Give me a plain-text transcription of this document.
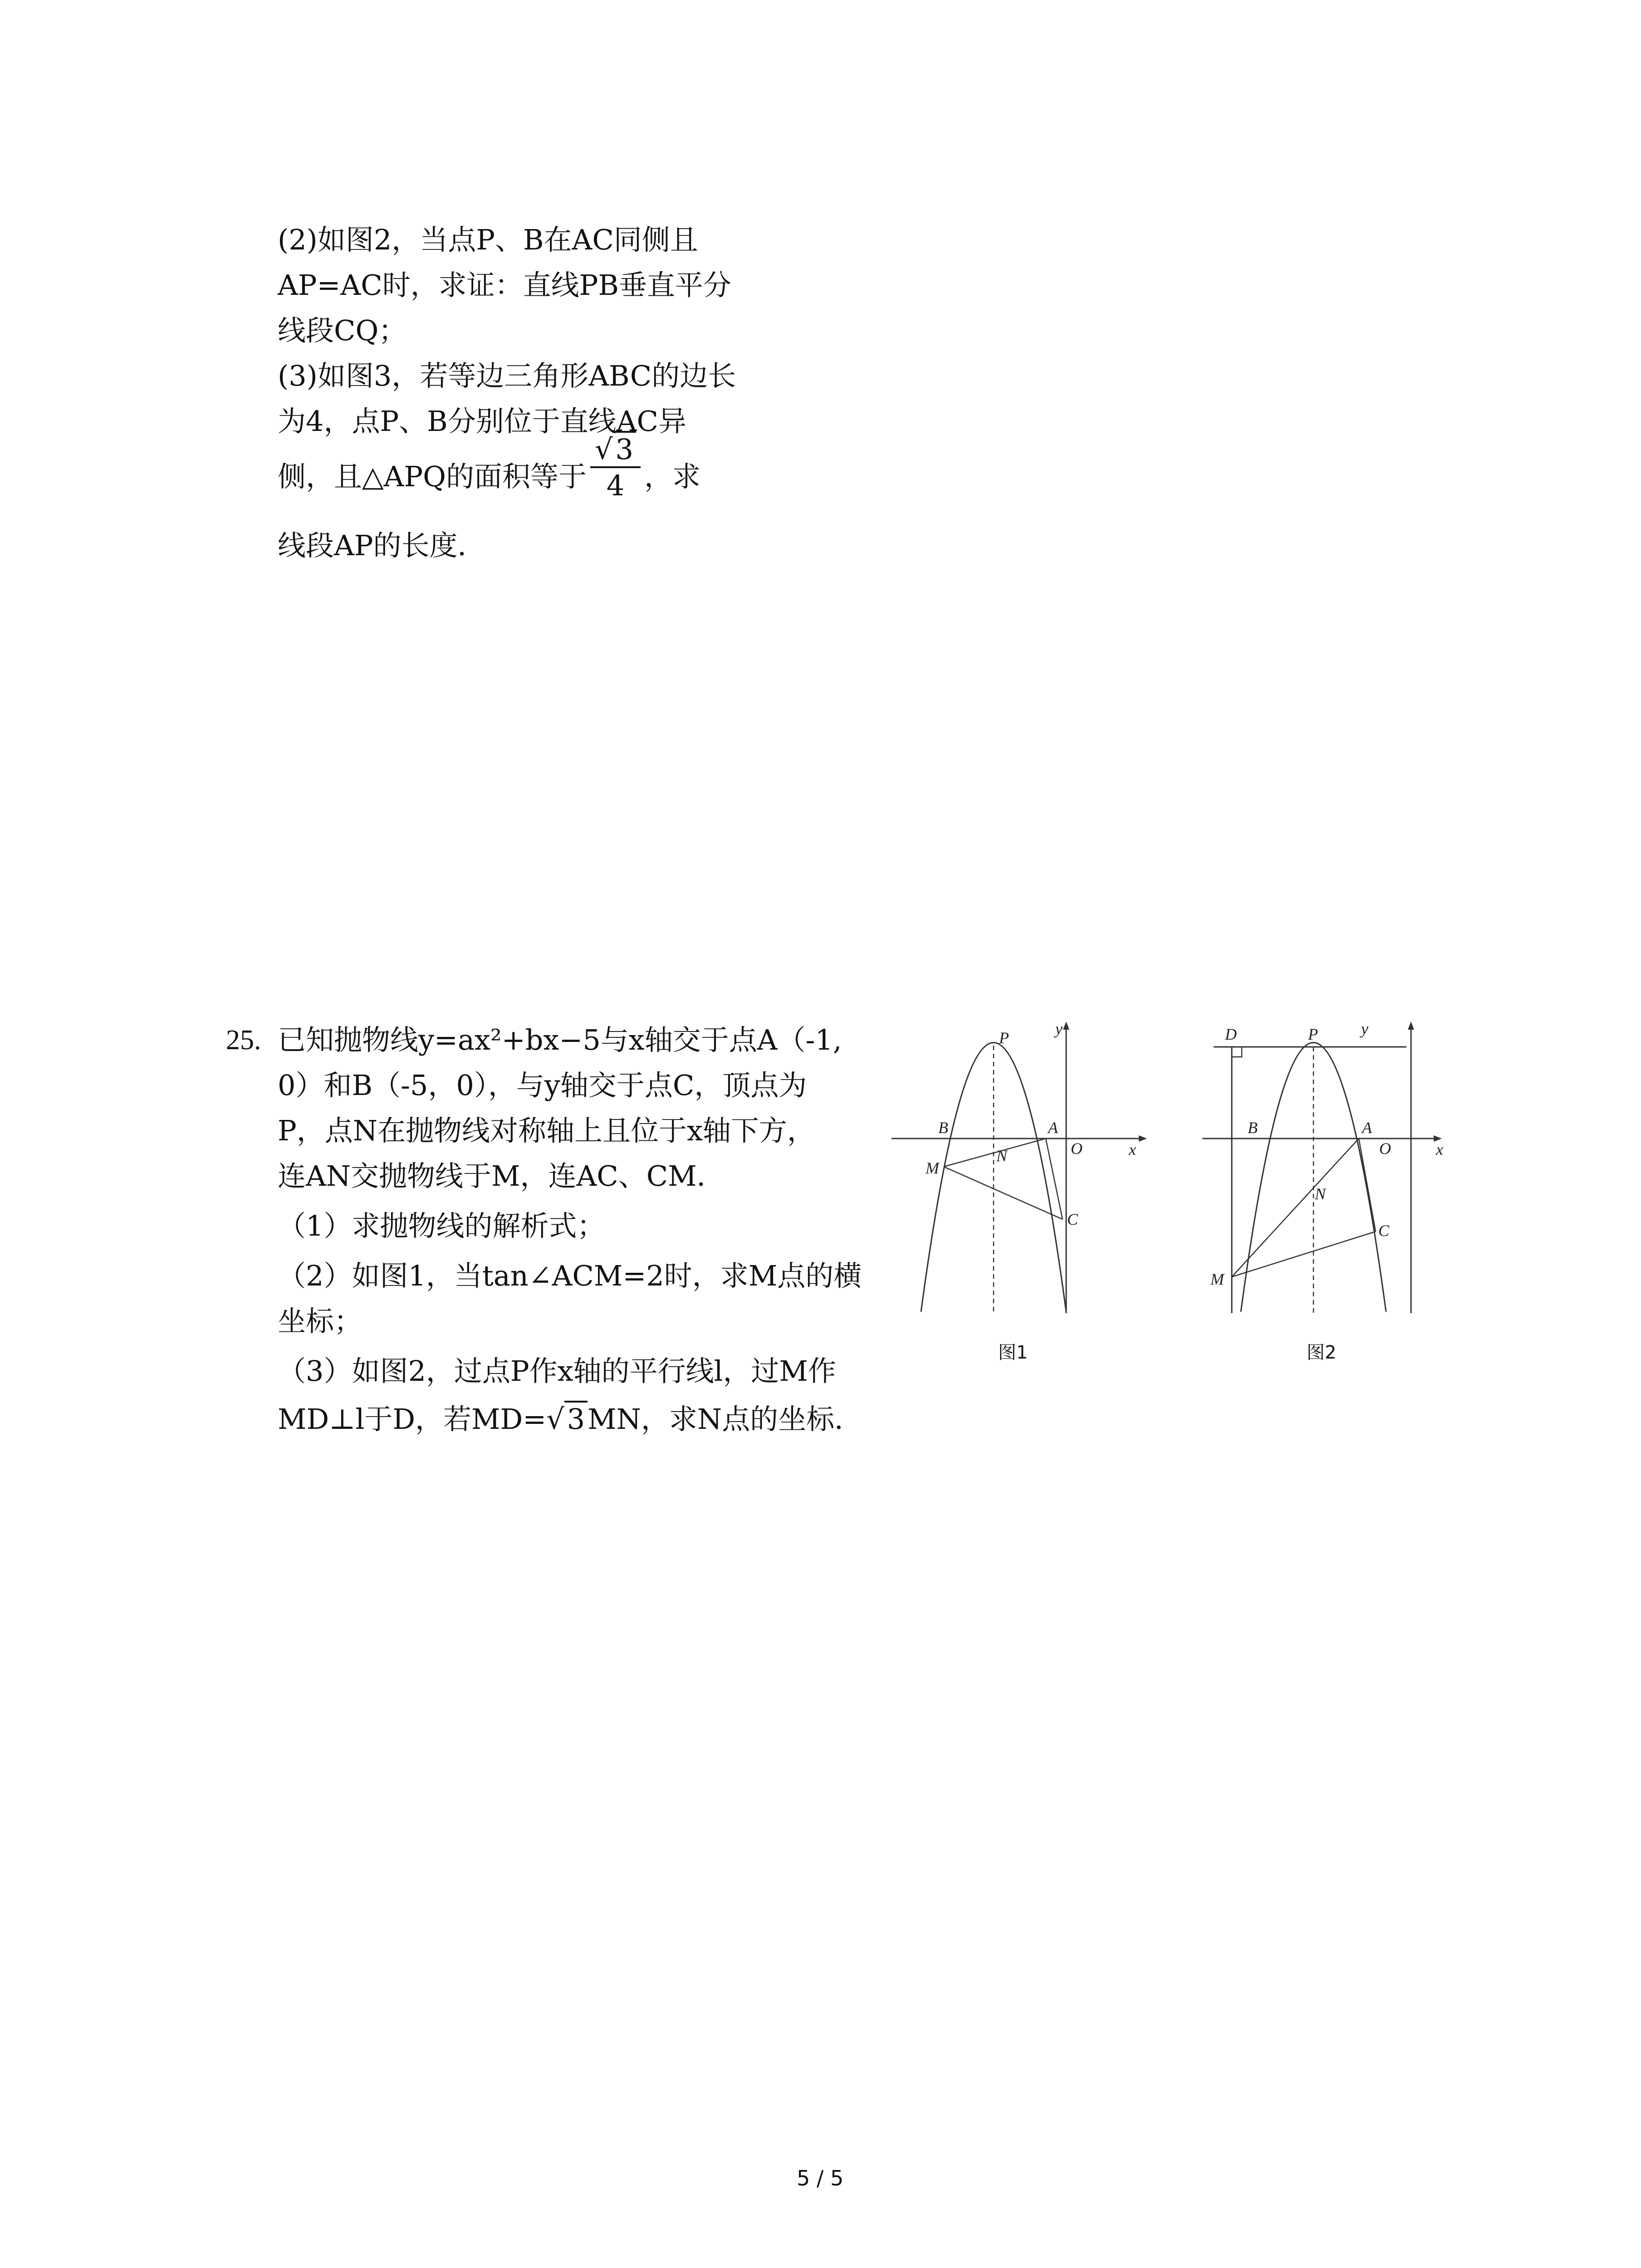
(2)如图2，当点P、B在AC同侧且
AP=AC时，求证：直线PB垂直平分
线段CQ；
(3)如图3，若等边三角形ABC的边长
为4，点P、B分别位于直线AC异
侧，且△APQ的面积等于 $\frac{√3}{4}$ ，求
线段AP的长度．
25. 已知抛物线y=ax²+bx−5与x轴交于点A（-1,
0）和B（-5，0），与y轴交于点C，顶点为
P，点N在抛物线对称轴上且位于x轴下方，
连AN交抛物线于M，连AC、CM．
（1）求抛物线的解析式；
（2）如图1，当tan∠ACM=2时，求M点的横
坐标；
（3）如图2，过点P作x轴的平行线l，过M作
MD⊥l于D，若MD=√3MN，求N点的坐标．
P	y
B	A
O	x
M
N
C
图1
D	P	y
B	A
O	x
N
C
M
图2
5 / 5
